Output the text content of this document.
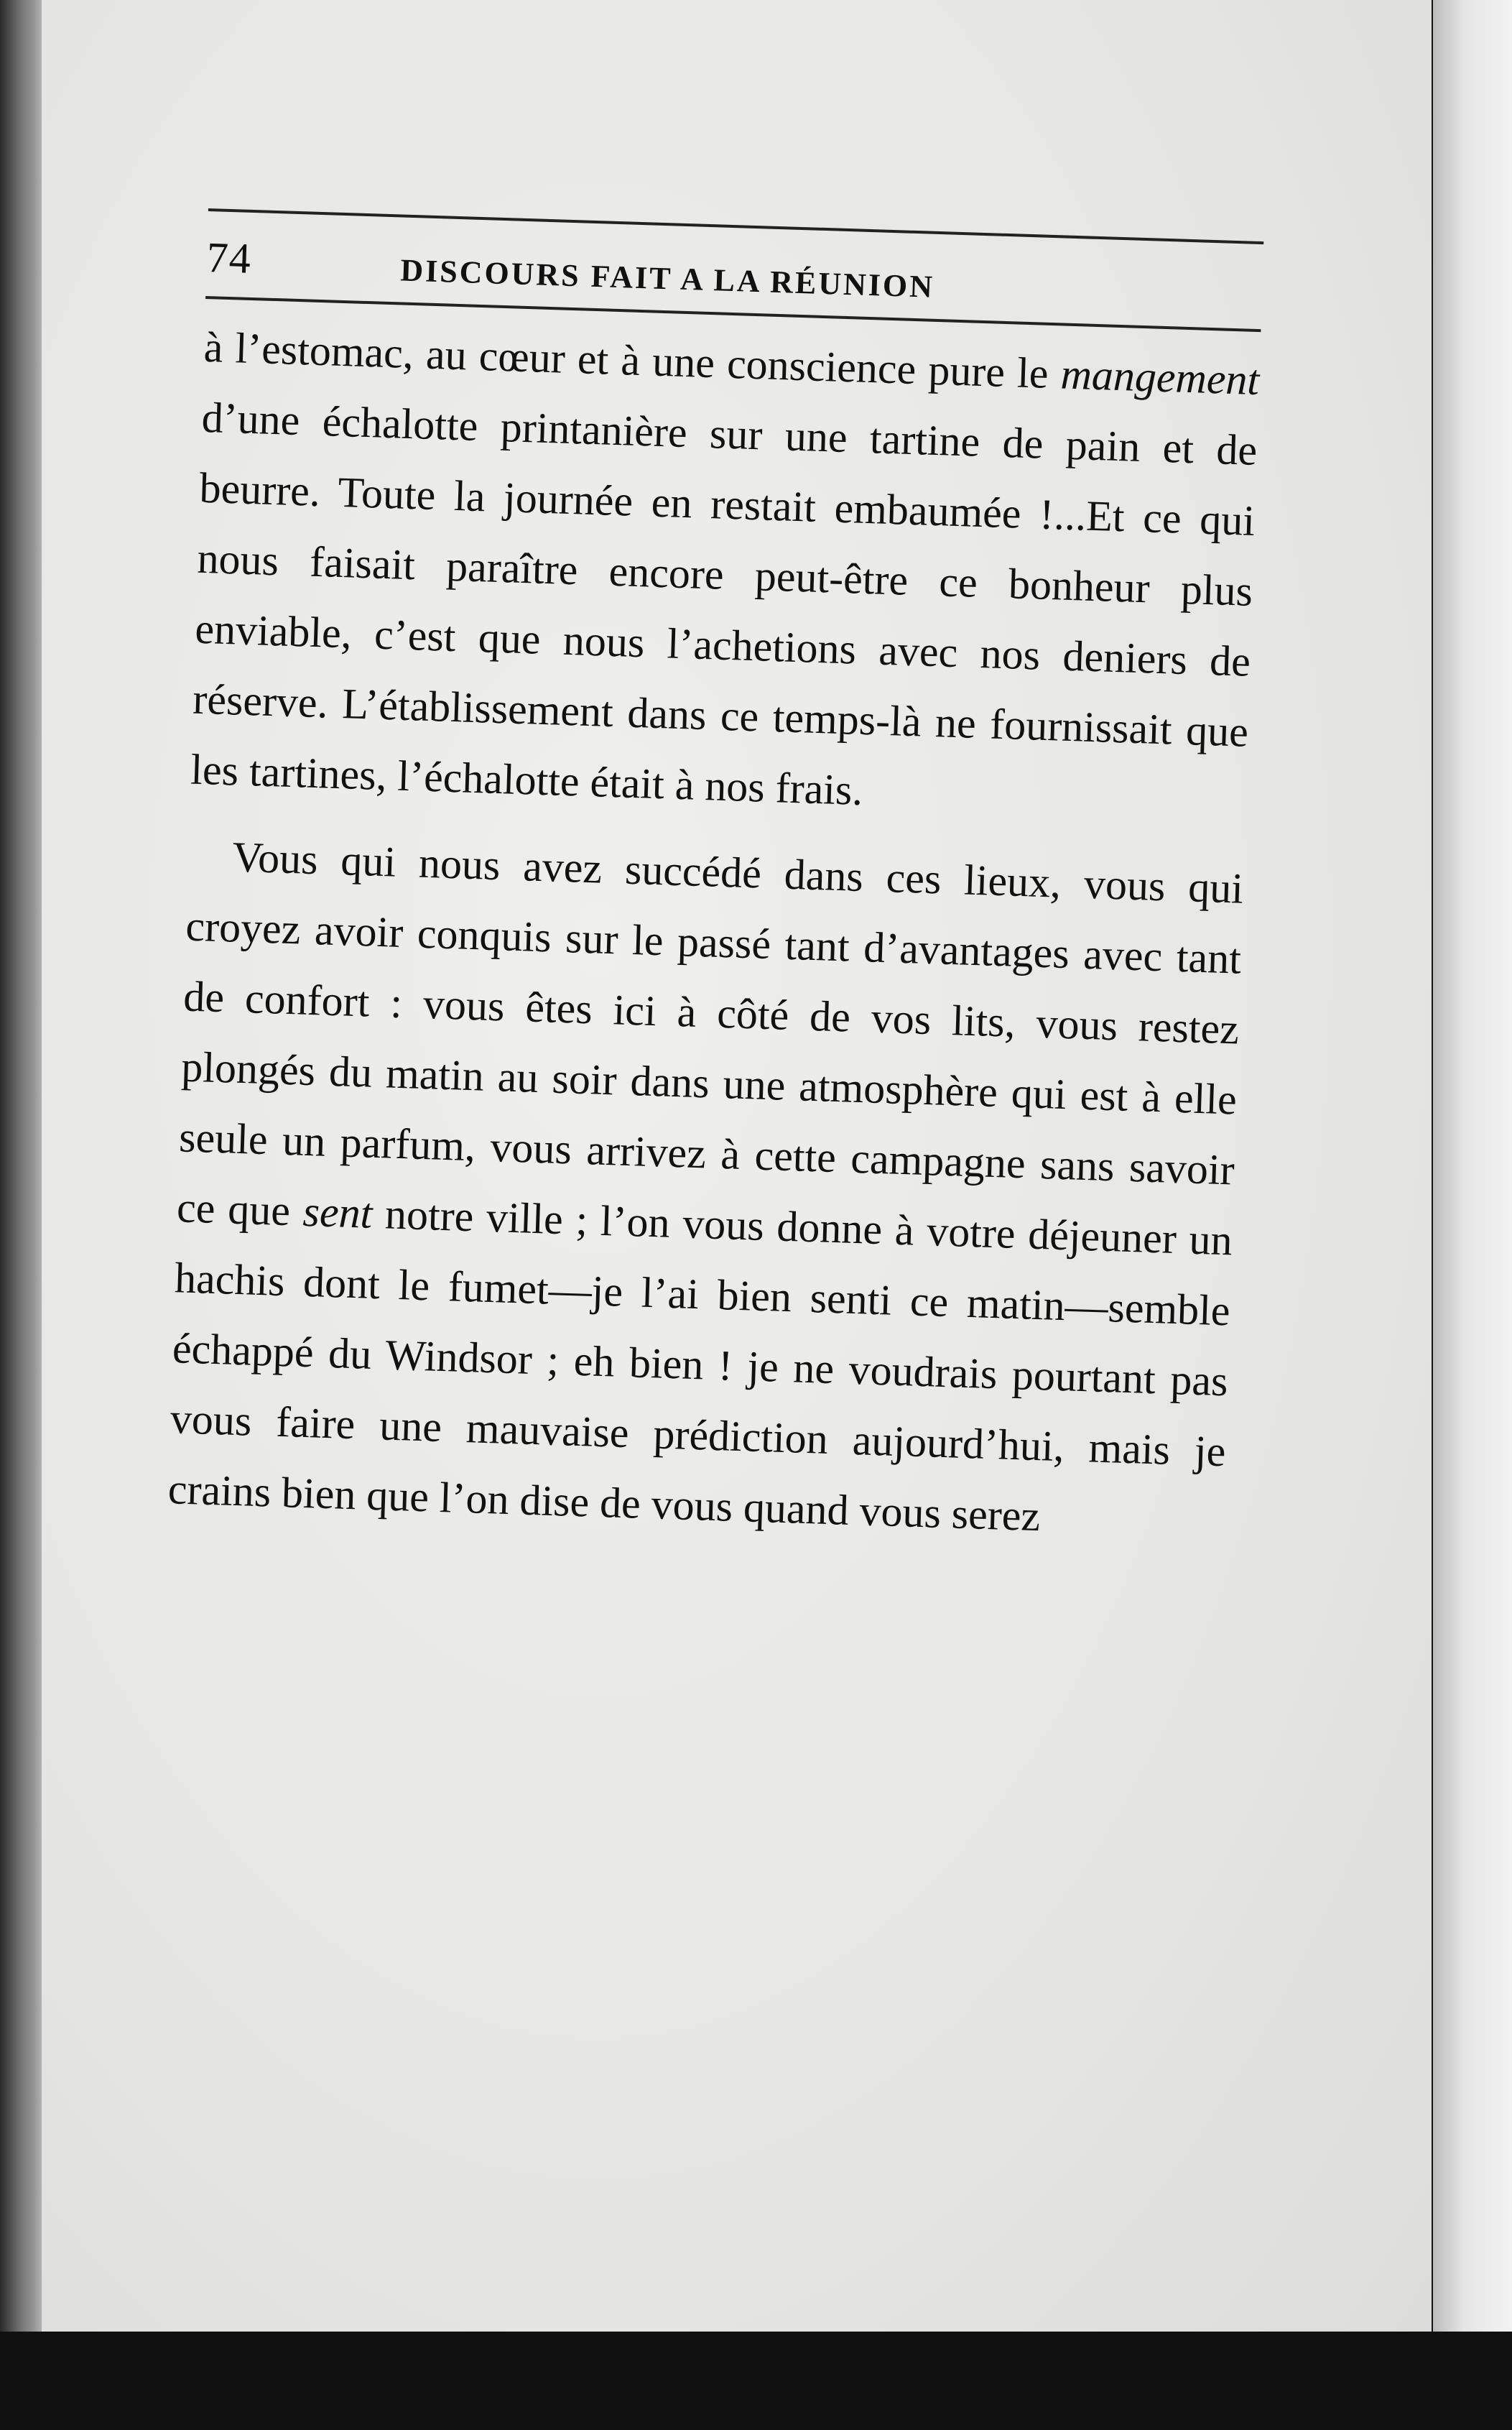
74	DISCOURS FAIT A LA RÉUNION

à l’estomac, au cœur et à une conscience pure le mangement d’une échalotte printanière sur une tartine de pain et de beurre. Toute la journée en restait embaumée !...Et ce qui nous faisait paraître encore peut-être ce bonheur plus enviable, c’est que nous l’achetions avec nos deniers de réserve. L’établissement dans ce temps-là ne fournissait que les tartines, l’échalotte était à nos frais.

Vous qui nous avez succédé dans ces lieux, vous qui croyez avoir conquis sur le passé tant d’avantages avec tant de confort : vous êtes ici à côté de vos lits, vous restez plongés du matin au soir dans une atmosphère qui est à elle seule un parfum, vous arrivez à cette campagne sans savoir ce que sent notre ville ; l’on vous donne à votre déjeuner un hachis dont le fumet—je l’ai bien senti ce matin—semble échappé du Windsor ; eh bien ! je ne voudrais pourtant pas vous faire une mauvaise prédiction aujourd’hui, mais je crains bien que l’on dise de vous quand vous serez
